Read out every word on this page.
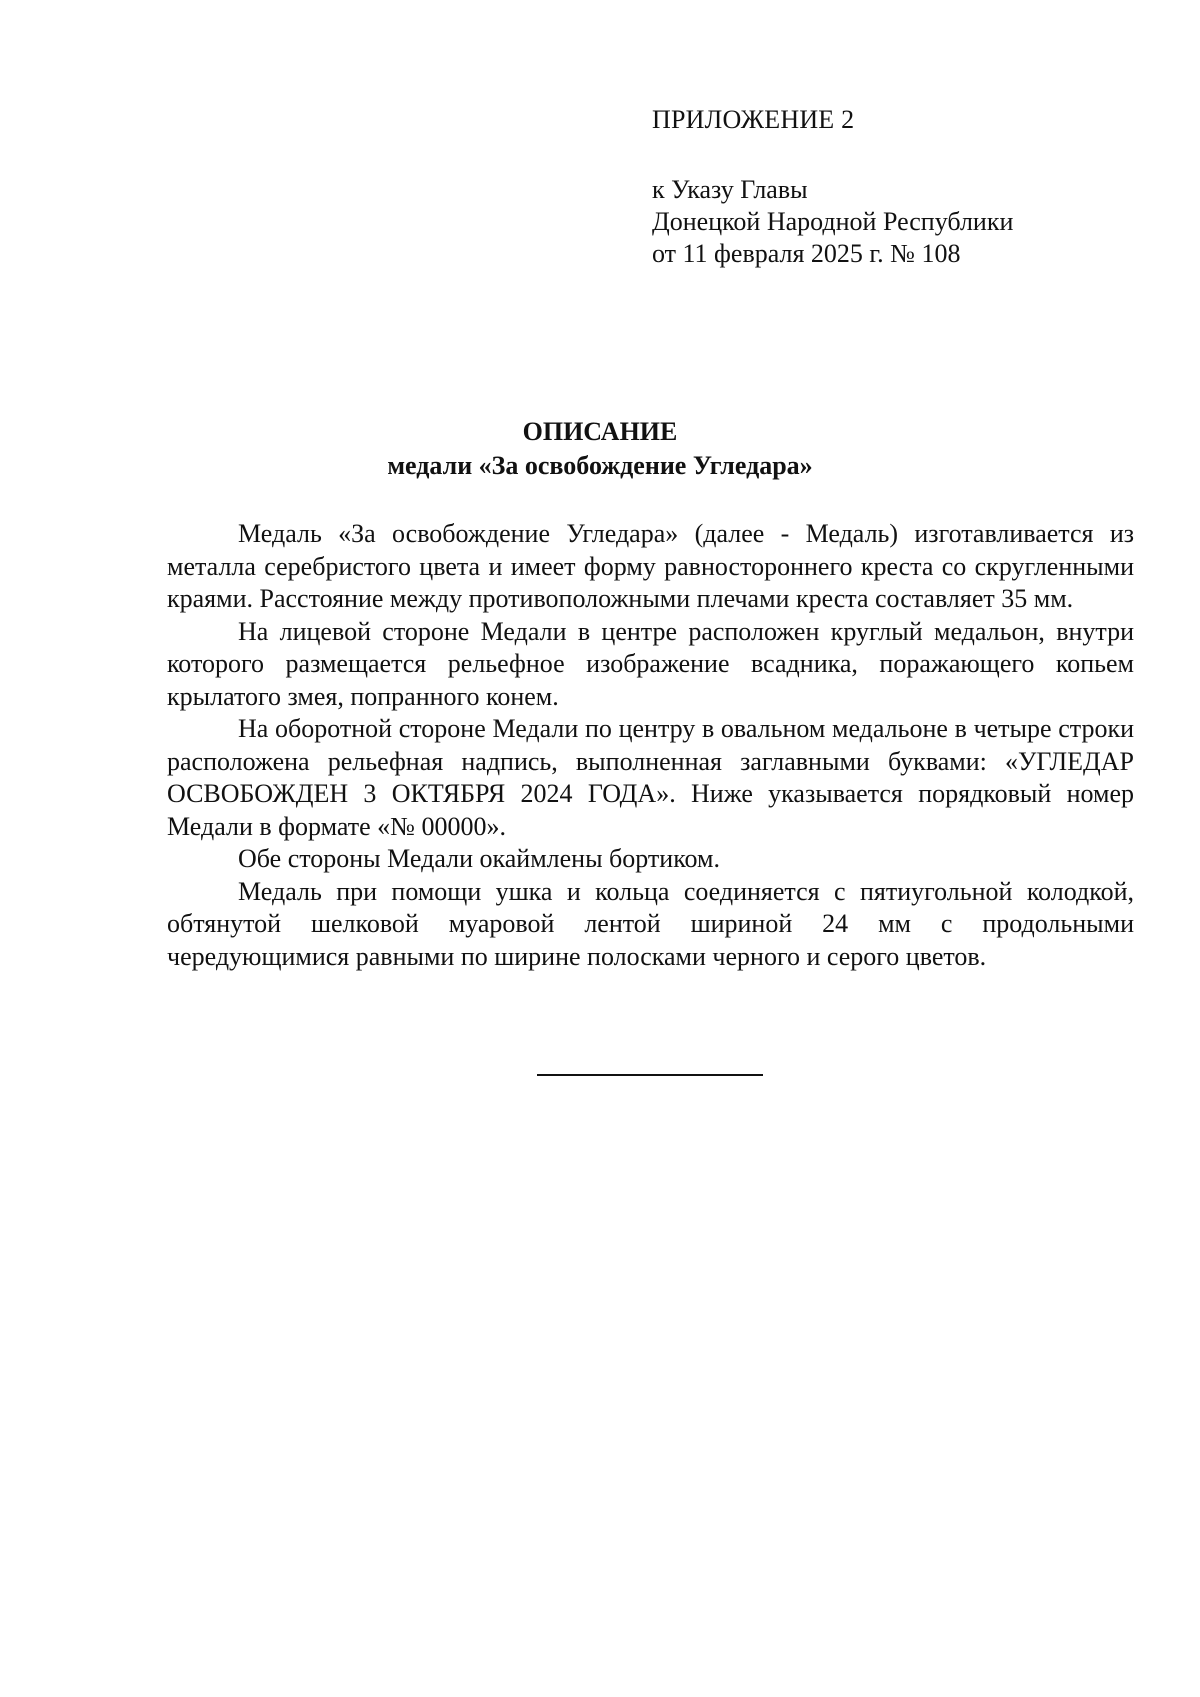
ПРИЛОЖЕНИЕ 2

к Указу Главы

Донецкой Народной Республики

от 11 февраля 2025 г. № 108

ОПИСАНИЕ
медали «За освобождение Угледара»

Медаль «За освобождение Угледара» (далее - Медаль) изготавливается из металла серебристого цвета и имеет форму равностороннего креста со скругленными краями. Расстояние между противоположными плечами креста составляет 35 мм.

На лицевой стороне Медали в центре расположен круглый медальон, внутри которого размещается рельефное изображение всадника, поражающего копьем крылатого змея, попранного конем.

На оборотной стороне Медали по центру в овальном медальоне в четыре строки расположена рельефная надпись, выполненная заглавными буквами: «УГЛЕДАР ОСВОБОЖДЕН 3 ОКТЯБРЯ 2024 ГОДА». Ниже указывается порядковый номер Медали в формате «№ 00000».

Обе стороны Медали окаймлены бортиком.

Медаль при помощи ушка и кольца соединяется с пятиугольной колодкой, обтянутой шелковой муаровой лентой шириной 24 мм с продольными чередующимися равными по ширине полосками черного и серого цветов.
